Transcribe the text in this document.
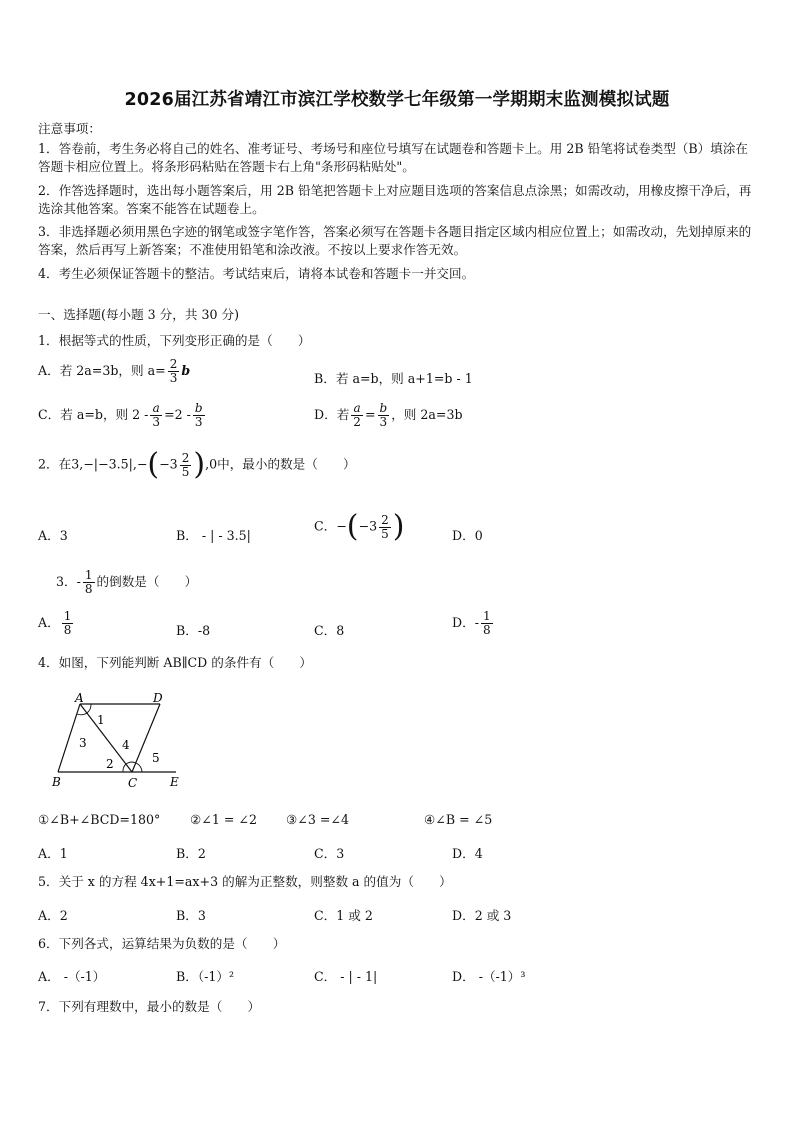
2026届江苏省靖江市滨江学校数学七年级第一学期期末监测模拟试题
注意事项：
1．答卷前，考生务必将自己的姓名、准考证号、考场号和座位号填写在试题卷和答题卡上。用 2B 铅笔将试卷类型（B）填涂在答题卡相应位置上。将条形码粘贴在答题卡右上角"条形码粘贴处"。
2．作答选择题时，选出每小题答案后，用 2B 铅笔把答题卡上对应题目选项的答案信息点涂黑；如需改动，用橡皮擦干净后，再选涂其他答案。答案不能答在试题卷上。
3．非选择题必须用黑色字迹的钢笔或签字笔作答，答案必须写在答题卡各题目指定区域内相应位置上；如需改动，先划掉原来的答案，然后再写上新答案；不准使用铅笔和涂改液。不按以上要求作答无效。
4．考生必须保证答题卡的整洁。考试结束后，请将本试卷和答题卡一并交回。
一、选择题(每小题 3 分，共 30 分)
1．根据等式的性质，下列变形正确的是（　　）
A．若 2a=3b，则 $a= \frac{2}{3}$ b
B．若 a=b，则 a+1=b - 1
C．若 a=b，则 $2 - \frac{a}{3} =2 - \frac{b}{3}$	D．若 $\frac{a}{2} = \frac{b}{3}$ ，则 2a=3b
2．在$3,-|-3.5|,-(-3 \frac{2}{5} ),0$中，最小的数是（　　）
A．3	B． - | - 3.5|
C．$-(-3 \frac{2}{5}$ )	D．0
3．- $\frac{1}{8}$ 的倒数是（　　）
A． $\frac{1}{8}$	B．-8	C．8
D．- $\frac{1}{8}$
4．如图，下列能判断 AB∥CD 的条件有（　　）
A	D
B	C	E
1
3
2
4
5
①∠B+∠BCD=180° ②∠1 = ∠2 ③∠3 =∠4	④∠B = ∠5
A．1	B．2	C．3	D．4
5．关于 x 的方程 4x+1=ax+3 的解为正整数，则整数 a 的值为（　　）
A．2	B．3	C．1 或 2	D．2 或 3
6．下列各式，运算结果为负数的是（　　）
A． -（-1）	B．（-1）²	C． - | - 1|	D． -（-1）³
7．下列有理数中，最小的数是（　　）
